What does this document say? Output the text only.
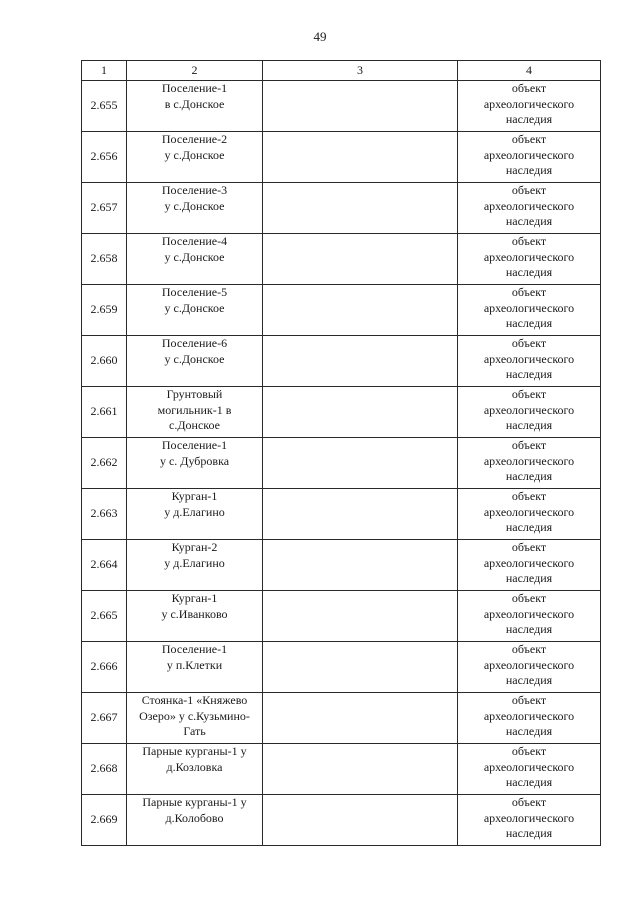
49
1	2	3	4

2.655	Поселение-1
в с.Донское		объект
археологического
наследия

2.656	Поселение-2
у с.Донское		объект
археологического
наследия

2.657	Поселение-3
у с.Донское		объект
археологического
наследия

2.658	Поселение-4
у с.Донское		объект
археологического
наследия

2.659	Поселение-5
у с.Донское		объект
археологического
наследия

2.660	Поселение-6
у с.Донское		объект
археологического
наследия

2.661	Грунтовый
могильник-1 в
с.Донское		объект
археологического
наследия

2.662	Поселение-1
у с. Дубровка		объект
археологического
наследия

2.663	Курган-1
у д.Елагино		объект
археологического
наследия

2.664	Курган-2
у д.Елагино		объект
археологического
наследия

2.665	Курган-1
у с.Иванково		объект
археологического
наследия

2.666	Поселение-1
у п.Клетки		объект
археологического
наследия

2.667	Стоянка-1 «Княжево
Озеро» у с.Кузьмино-
Гать		объект
археологического
наследия

2.668	Парные курганы-1 у
д.Козловка		объект
археологического
наследия

2.669	Парные курганы-1 у
д.Колобово		объект
археологического
наследия
